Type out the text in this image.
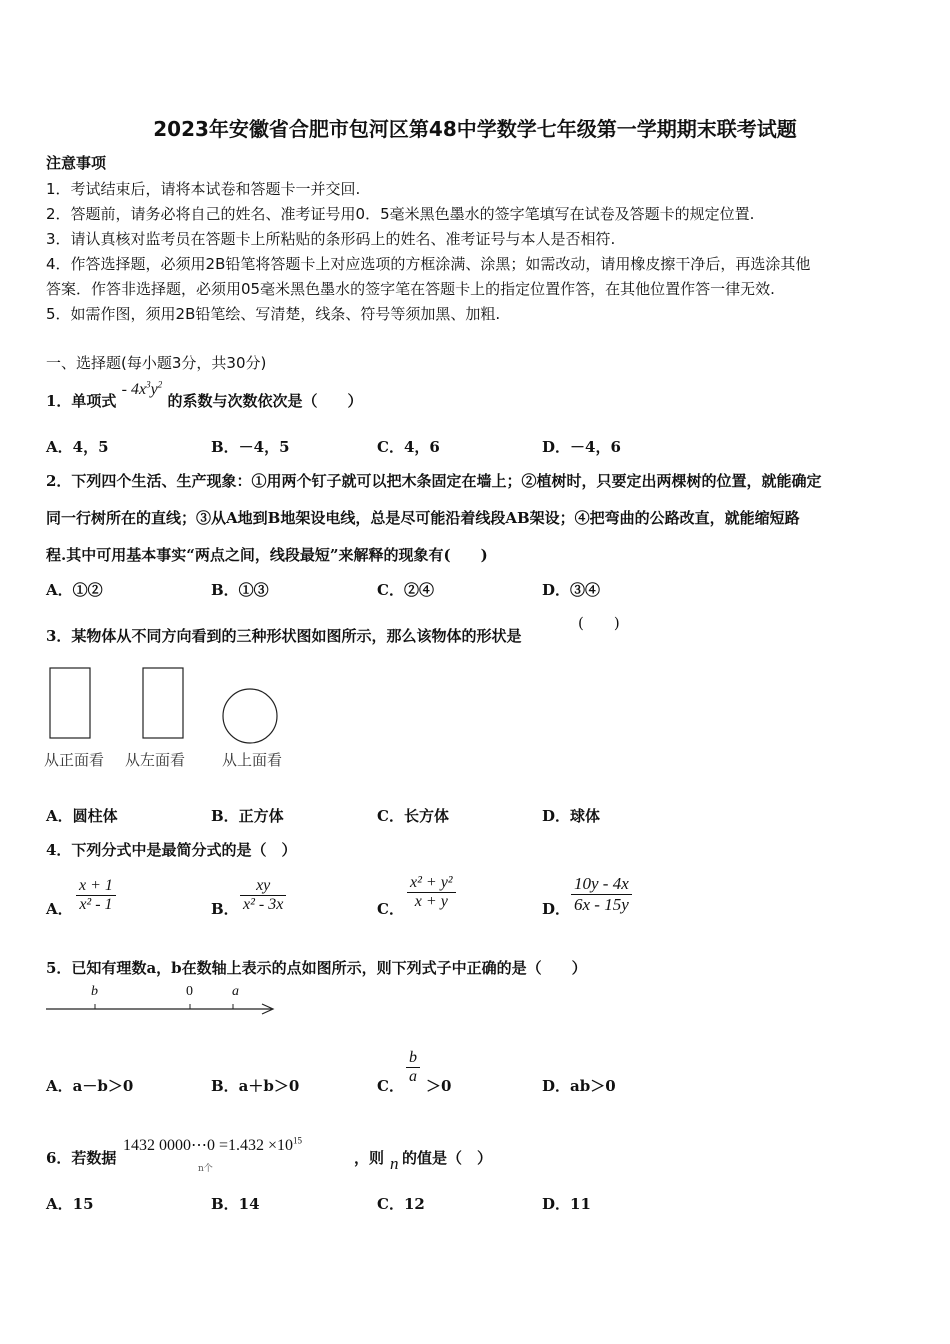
2023年安徽省合肥市包河区第48中学数学七年级第一学期期末联考试题
注意事项
1．考试结束后，请将本试卷和答题卡一并交回.
2．答题前，请务必将自己的姓名、准考证号用0．5毫米黑色墨水的签字笔填写在试卷及答题卡的规定位置.
3．请认真核对监考员在答题卡上所粘贴的条形码上的姓名、准考证号与本人是否相符.
4．作答选择题，必须用2B铅笔将答题卡上对应选项的方框涂满、涂黑；如需改动，请用橡皮擦干净后，再选涂其他
答案．作答非选择题，必须用05毫米黑色墨水的签字笔在答题卡上的指定位置作答，在其他位置作答一律无效.
5．如需作图，须用2B铅笔绘、写清楚，线条、符号等须加黑、加粗.
一、选择题(每小题3分，共30分)
1．单项式 - $4x^3y^2$ 的系数与次数依次是（　　）
A．4，5	B．－4，5	C．4，6	D．－4，6
2．下列四个生活、生产现象：①用两个钉子就可以把木条固定在墙上；②植树时，只要定出两棵树的位置，就能确定
同一行树所在的直线；③从A地到B地架设电线，总是尽可能沿着线段AB架设；④把弯曲的公路改直，就能缩短路
程.其中可用基本事实“两点之间，线段最短”来解释的现象有(　　)
A．①②	B．①③	C．②④	D．③④
3．某物体从不同方向看到的三种形状图如图所示，那么该物体的形状是
(　　)
从正面看 从左面看 从上面看
A．圆柱体	B．正方体	C．长方体	D．球体
4．下列分式中是最简分式的是（　）
A． $\frac{x + 1}{\text{x² - 1}}$	B． $\frac{xy}{\text{x² - 3x}}$	C． $\frac{\text{x² + y²}}{x + y}$	D． $\frac{10y - 4x}{6x - 15y}$
5．已知有理数a，b在数轴上表示的点如图所示，则下列式子中正确的是（　　）
b	0	a
A．a－b＞0	B．a＋b＞0	C． $\frac{b}{a} >0$	D．ab＞0
6．若数据
1432 0000⋯0 $=1.432 \times 10^{15}$
n个
，则 n 的值是（　）
A．15	B．14	C．12	D．11
